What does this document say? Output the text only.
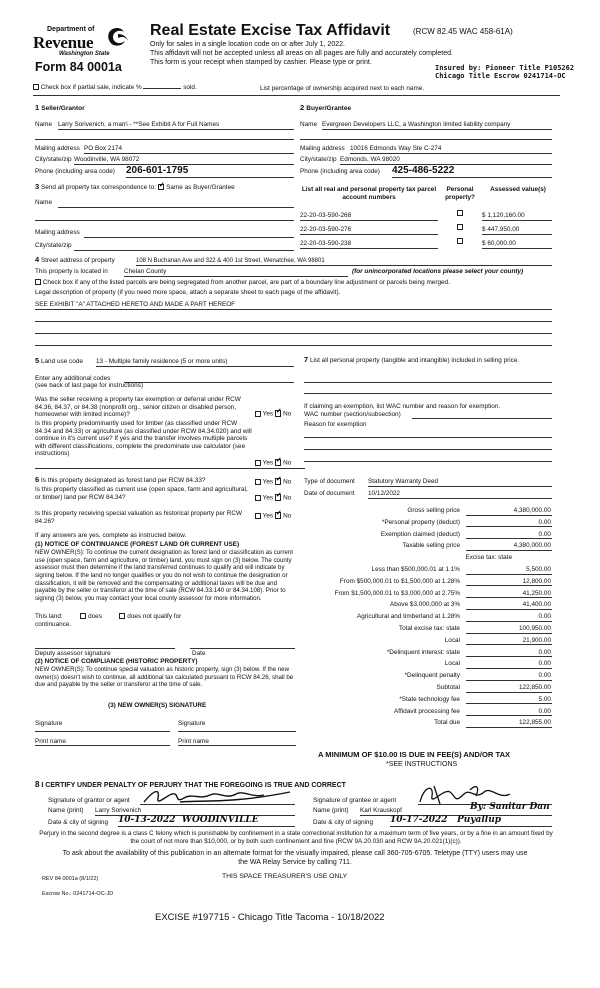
Department of
Revenue
Washington State
Form 84 0001a
Real Estate Excise Tax Affidavit	(RCW 82.45 WAC 458-61A)
Only for sales in a single location code on or after July 1, 2022.
This affidavit will not be accepted unless all areas on all pages are fully and accurately completed.
This form is your receipt when stamped by cashier. Please type or print.
Insured by: Pioneer Title P105262
Chicago Title Escrow 0241714-OC
Check box if partial sale, indicate %	sold.	List percentage of ownership acquired next to each name.
1 Seller/Grantor
Name Larry Sorivenich, a marri - **See Exhibit A for Full Names
Mailing address PO Box 2174
City/state/zip Woodinville, WA 98072
Phone (including area code) 206-601-1795
2 Buyer/Grantee
Name Evergreen Developers LLC, a Washington limited liability company
Mailing address 10016 Edmonds Way Ste C-274
City/state/zip Edmonds, WA 98020
Phone (including area code) 425-486-5222
3 Send all property tax correspondence to: ✓ Same as Buyer/Grantee
Name
Mailing address
City/state/zip
List all real and personal property tax parcel account numbers
Personal property?
Assessed value(s)
22-20-03-590-268	$ 1,120,160.00
22-20-03-590-276	$ 447,950.00
22-20-03-590-238	$ 60,000.00
4 Street address of property	108 N Buchanan Ave and 322 & 400 1st Street, Wenatchee, WA 98801
This property is located in	Chelan County	(for unincorporated locations please select your county)
Check box if any of the listed parcels are being segregated from another parcel, are part of a boundary line adjustment or parcels being merged.
Legal description of property (if you need more space, attach a separate sheet to each page of the affidavit).
SEE EXHIBIT "A" ATTACHED HERETO AND MADE A PART HEREOF
5 Land use code 13 - Multiple family residence (5 or more units)
Enter any additional codes
(see back of last page for instructions)
Was the seller receiving a property tax exemption or deferral under RCW 84.36, 84.37, or 84.38 (nonprofit org., senior citizen or disabled person, homeowner with limited income)?	Yes ✓ No
Is this property predominantly used for timber (as classified under RCW 84.34 and 84.33) or agriculture (as classified under RCW 84.34.020) and will continue in it's current use? If yes and the transfer involves multiple parcels with different classifications, complete the predominate use calculator (see instructions)
Yes ✓ No
7 List all personal property (tangible and intangible) included in selling price.
If claiming an exemption, list WAC number and reason for exemption.
WAC number (section/subsection)
Reason for exemption
6 Is this property designated as forest land per RCW 84.33?	Yes ✓ No
Is this property classified as current use (open space, farm and agricultural, or timber) land per RCW 84.34?	Yes ✓ No
Is this property receiving special valuation as historical property per RCW 84.26?
Yes ✓ No
If any answers are yes, complete as instructed below.
(1) NOTICE OF CONTINUANCE (FOREST LAND OR CURRENT USE)
NEW OWNER(S): To continue the current designation as forest land or classification as current use (open space, farm and agriculture, or timber) land, you must sign on (3) below. The county assessor must then determine if the land transferred continues to qualify and will indicate by signing below. If the land no longer qualifies or you do not wish to continue the designation or classification, it will be removed and the compensating or additional taxes will be due and payable by the seller or transferor at the time of sale (RCW 84.33.140 or 84.34.108). Prior to signing (3) below, you may contact your local county assessor for more information.
This land:	does	does not qualify for
continuance.
Deputy assessor signature	Date
(2) NOTICE OF COMPLIANCE (HISTORIC PROPERTY)
NEW OWNER(S): To continue special valuation as historic property, sign (3) below. If the new owner(s) doesn't wish to continue, all additional tax calculated pursuant to RCW 84.26, shall be due and payable by the seller or transferor at the time of sale.
(3) NEW OWNER(S) SIGNATURE
Signature	Signature
Print name	Print name
Type of document Statutory Warranty Deed
Date of document 10/12/2022
Gross selling price	4,380,000.00
*Personal property (deduct)	0.00
Exemption claimed (deduct)	0.00
Taxable selling price	4,380,000.00
Excise tax: state
Less than $500,000.01 at 1.1%	5,500.00
From $500,000.01 to $1,500,000 at 1.28%	12,800.00
From $1,500,000.01 to $3,000,000 at 2.75%	41,250.00
Above $3,000,000 at 3%	41,400.00
Agricultural and timberland at 1.28%	0.00
Total excise tax: state	100,950.00
Local	21,900.00
*Delinquent interest: state	0.00
Local	0.00
*Delinquent penalty	0.00
Subtotal	122,850.00
*State technology fee	5.00
Affidavit processing fee	0.00
Total due	122,855.00
A MINIMUM OF $10.00 IS DUE IN FEE(S) AND/OR TAX
*SEE INSTRUCTIONS
8 I CERTIFY UNDER PENALTY OF PERJURY THAT THE FOREGOING IS TRUE AND CORRECT
Signature of grantor or agent
Name (print) Larry Sorivenich
Date & city of signing 10-13-2022 WOODINVILLE
Signature of grantee or agent
Name (print) Karl Krauskopf	By: Sanitar Dan
Date & city of signing 10-17-2022 Puyallup
Perjury in the second degree is a class C felony which is punishable by confinement in a state correctional institution for a maximum term of five years, or by a fine in an amount fixed by the court of not more than $10,000, or by both such confinement and fine (RCW 9A.20.030 and RCW 9A.20.021(1)(c)).
To ask about the availability of this publication in an alternate format for the visually impaired, please call 360-705-6705. Teletype (TTY) users may use the WA Relay Service by calling 711.
REV 84 0001a (8/1/22)	THIS SPACE TREASURER'S USE ONLY
Escrow No.: 0241714-OC-JD
EXCISE #197715 - Chicago Title Tacoma - 10/18/2022
